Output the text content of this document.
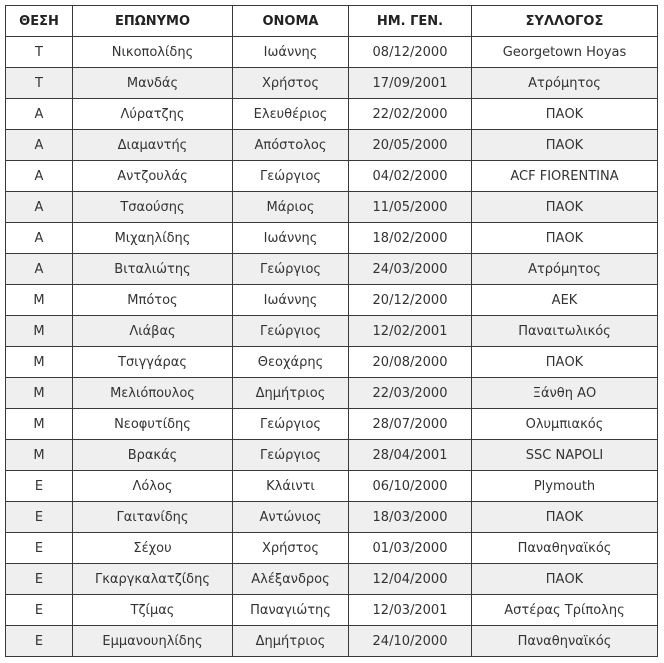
ΘΕΣΗ	ΕΠΩΝΥΜΟ	ΟΝΟΜΑ	ΗΜ. ΓΕΝ.	ΣΥΛΛΟΓΟΣ
T	Νικοπολίδης	Ιωάννης	08/12/2000	Georgetown Hoyas
T	Μανδάς	Χρήστος	17/09/2001	Ατρόμητος
A	Λύρατζης	Ελευθέριος	22/02/2000	ΠΑΟΚ
A	Διαμαντής	Απόστολος	20/05/2000	ΠΑΟΚ
A	Αντζουλάς	Γεώργιος	04/02/2000	ACF FIORENTINA
A	Τσαούσης	Μάριος	11/05/2000	ΠΑΟΚ
A	Μιχαηλίδης	Ιωάννης	18/02/2000	ΠΑΟΚ
A	Βιταλιώτης	Γεώργιος	24/03/2000	Ατρόμητος
M	Μπότος	Ιωάννης	20/12/2000	AEK
M	Λιάβας	Γεώργιος	12/02/2001	Παναιτωλικός
M	Τσιγγάρας	Θεοχάρης	20/08/2000	ΠΑΟΚ
M	Μελιόπουλος	Δημήτριος	22/03/2000	Ξάνθη ΑΟ
M	Νεοφυτίδης	Γεώργιος	28/07/2000	Ολυμπιακός
M	Βρακάς	Γεώργιος	28/04/2001	SSC NAPOLI
E	Λόλος	Κλάιντι	06/10/2000	Plymouth
E	Γαιτανίδης	Αντώνιος	18/03/2000	ΠΑΟΚ
E	Σέχου	Χρήστος	01/03/2000	Παναθηναϊκός
E	Γκαργκαλατζίδης	Αλέξανδρος	12/04/2000	ΠΑΟΚ
E	Τζίμας	Παναγιώτης	12/03/2001	Αστέρας Τρίπολης
E	Εμμανουηλίδης	Δημήτριος	24/10/2000	Παναθηναϊκός
